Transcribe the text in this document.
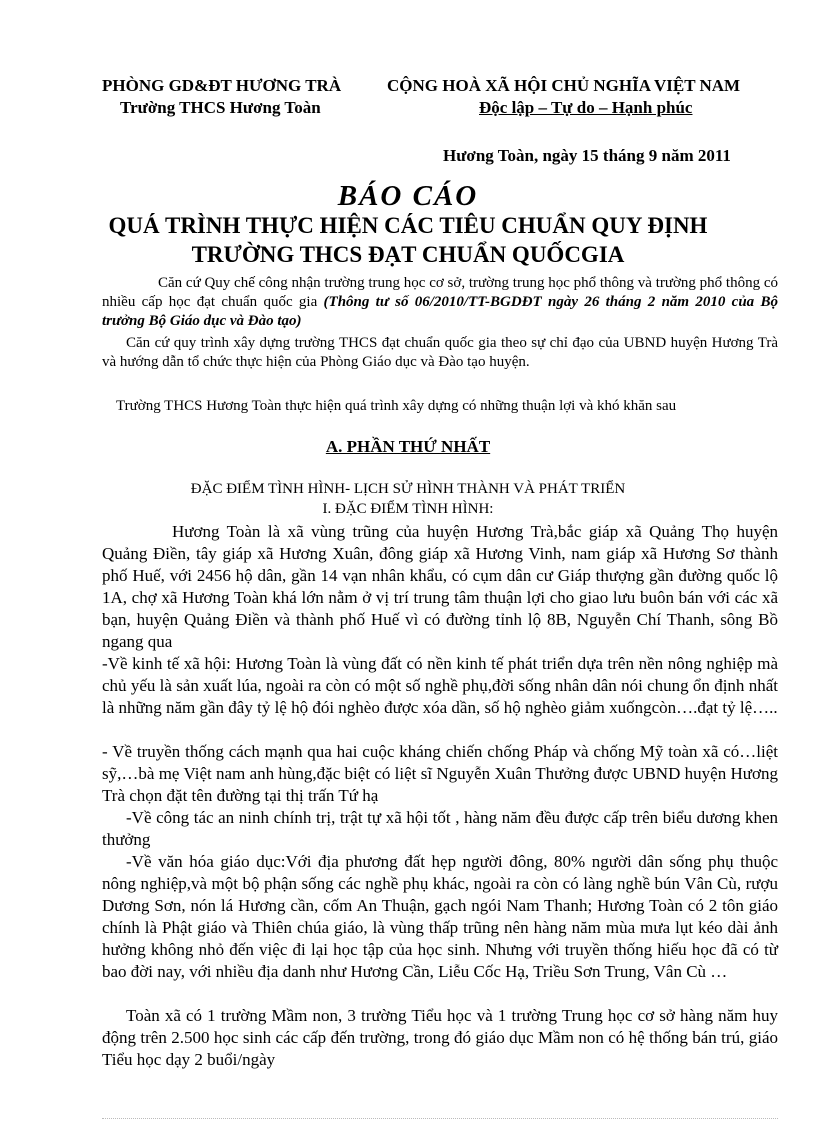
PHÒNG GD&ĐT HƯƠNG TRÀ
Trường THCS Hương Toàn
CỘNG HOÀ XÃ HỘI CHỦ NGHĨA VIỆT NAM
Độc lập – Tự do – Hạnh phúc
Hương Toàn, ngày 15 tháng 9 năm 2011
BÁO CÁO
QUÁ TRÌNH THỰC HIỆN CÁC TIÊU CHUẨN QUY ĐỊNH
TRƯỜNG THCS ĐẠT CHUẨN QUỐCGIA
Căn cứ Quy chế công nhận trường trung học cơ sở, trường trung học phổ thông và trường phổ thông có nhiều cấp học đạt chuẩn quốc gia (Thông tư số 06/2010/TT-BGDĐT ngày 26 tháng 2 năm 2010 của Bộ trưởng Bộ Giáo dục và Đào tạo)
Căn cứ quy trình xây dựng trường THCS đạt chuẩn quốc gia theo sự chỉ đạo của UBND huyện Hương Trà và hướng dẫn tổ chức thực hiện của Phòng Giáo dục và Đào tạo huyện.
Trường THCS Hương Toàn thực hiện quá trình xây dựng có những thuận lợi và khó khăn sau
A. PHẦN THỨ NHẤT
ĐẶC ĐIỂM TÌNH HÌNH- LỊCH SỬ HÌNH THÀNH VÀ PHÁT TRIỂN
I. ĐẶC ĐIỂM TÌNH HÌNH:
Hương Toàn là xã vùng trũng của huyện Hương Trà,bắc giáp xã Quảng Thọ huyện Quảng Điền, tây giáp xã Hương Xuân, đông giáp xã Hương Vinh, nam giáp xã Hương Sơ thành phố Huế, với 2456 hộ dân, gần 14 vạn nhân khẩu, có cụm dân cư Giáp thượng gần đường quốc lộ 1A, chợ xã Hương Toàn khá lớn nằm ở vị trí trung tâm thuận lợi cho giao lưu buôn bán với các xã bạn, huyện Quảng Điền và thành phố Huế vì có đường tỉnh lộ 8B, Nguyễn Chí Thanh, sông Bồ ngang qua
-Về kinh tế xã hội: Hương Toàn là vùng đất có nền kinh tế phát triển dựa trên nền nông nghiệp mà chủ yếu là sản xuất lúa, ngoài ra còn có một số nghề phụ,đời sống nhân dân nói chung ổn định nhất là những năm gần đây tỷ lệ hộ đói nghèo được xóa dần, số hộ nghèo giảm xuốngcòn….đạt tỷ lệ…..
- Về truyền thống cách mạnh qua hai cuộc kháng chiến chống Pháp và chống Mỹ toàn xã có…liệt sỹ,…bà mẹ Việt nam anh hùng,đặc biệt có liệt sĩ Nguyễn Xuân Thưởng được UBND huyện Hương Trà chọn đặt tên đường tại thị trấn Tứ hạ
-Về công tác an ninh chính trị, trật tự xã hội tốt , hàng năm đều được cấp trên biểu dương khen thưởng
-Về văn hóa giáo dục:Với địa phương đất hẹp người đông, 80% người dân sống phụ thuộc nông nghiệp,và một bộ phận sống các nghề phụ khác, ngoài ra còn có làng nghề bún Vân Cù, rượu Dương Sơn, nón lá Hương cần, cốm An Thuận, gạch ngói Nam Thanh; Hương Toàn có 2 tôn giáo chính là Phật giáo và Thiên chúa giáo, là vùng thấp trũng nên hàng năm mùa mưa lụt kéo dài ảnh hưởng không nhỏ đến việc đi lại học tập của học sinh. Nhưng với truyền thống hiếu học đã có từ bao đời nay, với nhiều địa danh như Hương Cần, Liễu Cốc Hạ, Triều Sơn Trung, Vân Cù …
Toàn xã có 1 trường Mầm non, 3 trường Tiểu học và 1 trường Trung học cơ sở hàng năm huy động trên 2.500 học sinh các cấp đến trường, trong đó giáo dục Mầm non có hệ thống bán trú, giáo Tiểu học dạy 2 buổi/ngày
